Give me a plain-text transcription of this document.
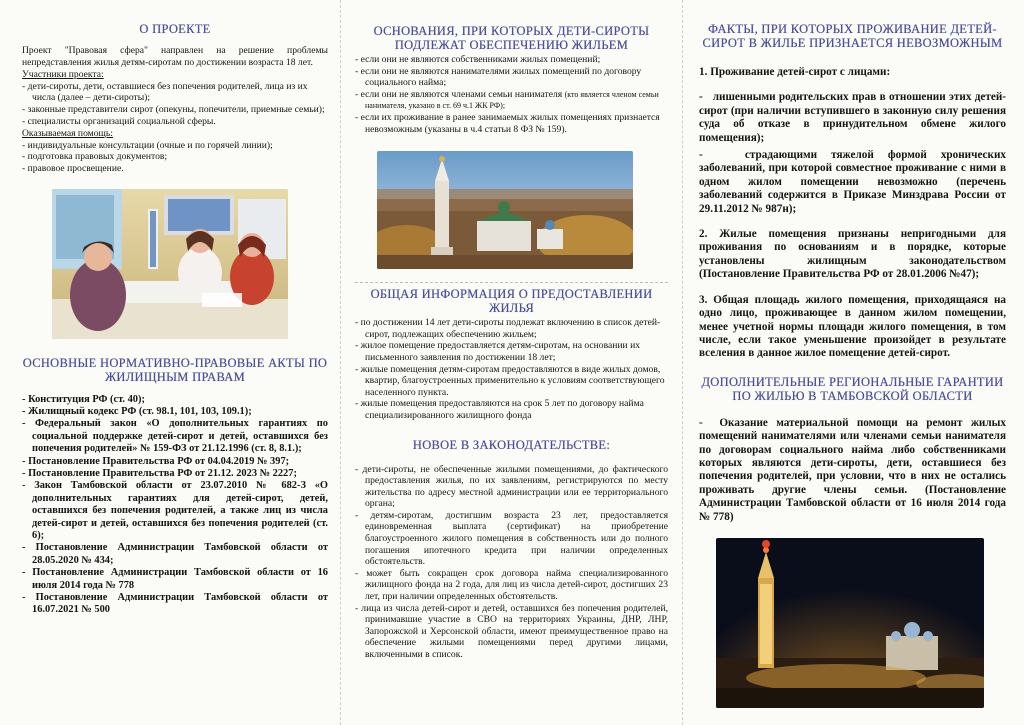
О ПРОЕКТЕ

Проект "Правовая сфера" направлен на решение проблемы непредставления жилья детям-сиротам по достижении возраста 18 лет.

Участники проекта:

- дети-сироты, дети, оставшиеся без попечения родителей, лица из их числа (далее – дети-сироты);
- законные представители сирот (опекуны, попечители, приемные семьи);
- специалисты организаций социальной сферы.

Оказываемая помощь:

- индивидуальные консультации (очные и по горячей линии);
- подготовка правовых документов;
- правовое просвещение.
ОСНОВНЫЕ НОРМАТИВНО-ПРАВОВЫЕ АКТЫ ПО ЖИЛИЩНЫМ ПРАВАМ
- Конституция РФ (ст. 40);
- Жилищный кодекс РФ (ст. 98.1, 101, 103, 109.1);
- Федеральный закон «О дополнительных гарантиях по социальной поддержке детей-сирот и детей, оставшихся без попечения родителей» № 159-ФЗ от 21.12.1996 (ст. 8, 8.1.);
- Постановление Правительства РФ от 04.04.2019 № 397;
- Постановление Правительства РФ от 21.12. 2023 № 2227;
- Закон Тамбовской области от 23.07.2010 № 682-З «О дополнительных гарантиях для детей-сирот, детей, оставшихся без попечения родителей, а также лиц из числа детей-сирот и детей, оставшихся без попечения родителей (ст. 6);
- Постановление Администрации Тамбовской области от 28.05.2020 № 434;
- Постановление Администрации Тамбовской области от 16 июля 2014 года № 778
- Постановление Администрации Тамбовской области от 16.07.2021 № 500
ОСНОВАНИЯ, ПРИ КОТОРЫХ ДЕТИ-СИРОТЫ ПОДЛЕЖАТ ОБЕСПЕЧЕНИЮ ЖИЛЬЕМ
- если они не являются собственниками жилых помещений;
- если они не являются нанимателями жилых помещений по договору социального найма;
- если они не являются членами семьи нанимателя (кто является членом семьи нанимателя, указано в ст. 69 ч.1 ЖК РФ);
- если их проживание в ранее занимаемых жилых помещениях признается невозможным (указаны в ч.4 статьи 8 ФЗ № 159).
ОБЩАЯ ИНФОРМАЦИЯ О ПРЕДОСТАВЛЕНИИ ЖИЛЬЯ
- по достижении 14 лет дети-сироты подлежат включению в список детей-сирот, подлежащих обеспечению жильем;
- жилое помещение предоставляется детям-сиротам, на основании их письменного заявления по достижении 18 лет;
- жилые помещения детям-сиротам предоставляются в виде жилых домов, квартир, благоустроенных применительно к условиям соответствующего населенного пункта.
- жилые помещения предоставляются на срок 5 лет по договору найма специализированного жилищного фонда
НОВОЕ В ЗАКОНОДАТЕЛЬСТВЕ:
- дети-сироты, не обеспеченные жилыми помещениями, до фактического предоставления жилья, по их заявлениям, регистрируются по месту жительства по адресу местной администрации или ее территориального органа;
- детям-сиротам, достигшим возраста 23 лет, предоставляется единовременная выплата (сертификат) на приобретение благоустроенного жилого помещения в собственность или до полного погашения ипотечного кредита при наличии определенных обстоятельств.
- может быть сокращен срок договора найма специализированного жилищного фонда на 2 года, для лиц из числа детей-сирот, достигших 23 лет, при наличии определенных обстоятельств.
- лица из числа детей-сирот и детей, оставшихся без попечения родителей, принимавшие участие в СВО на территориях Украины, ДНР, ЛНР, Запорожской и Херсонской области, имеют преимущественное право на обеспечение жилыми помещениями перед другими лицами, включенными в список.
ФАКТЫ, ПРИ КОТОРЫХ ПРОЖИВАНИЕ ДЕТЕЙ-СИРОТ В ЖИЛЬЕ ПРИЗНАЕТСЯ НЕВОЗМОЖНЫМ

1. Проживание детей-сирот с лицами:

-   лишенными родительских прав в отношении этих детей-сирот (при наличии вступившего в законную силу решения суда об отказе в принудительном обмене жилого помещения);

-   страдающими тяжелой формой хронических заболеваний, при которой совместное проживание с ними в одном жилом помещении невозможно (перечень заболеваний содержится в Приказе Минздрава России от 29.11.2012 № 987н);

2. Жилые помещения признаны непригодными для проживания по основаниям и в порядке, которые установлены жилищным законодательством (Постановление Правительства РФ от 28.01.2006 №47);

3. Общая площадь жилого помещения, приходящаяся на одно лицо, проживающее в данном жилом помещении, менее учетной нормы площади жилого помещения, в том числе, если такое уменьшение произойдет в результате вселения в данное жилое помещение детей-сирот.

ДОПОЛНИТЕЛЬНЫЕ РЕГИОНАЛЬНЫЕ ГАРАНТИИ ПО ЖИЛЬЮ В ТАМБОВСКОЙ ОБЛАСТИ

-  Оказание материальной помощи на ремонт жилых помещений нанимателями или членами семьи нанимателя по договорам социального найма либо собственниками которых являются дети-сироты, дети, оставшиеся без попечения родителей, при условии, что в них не остались проживать другие члены семьи. (Постановление Администрации Тамбовской области от 16 июля 2014 года № 778)
